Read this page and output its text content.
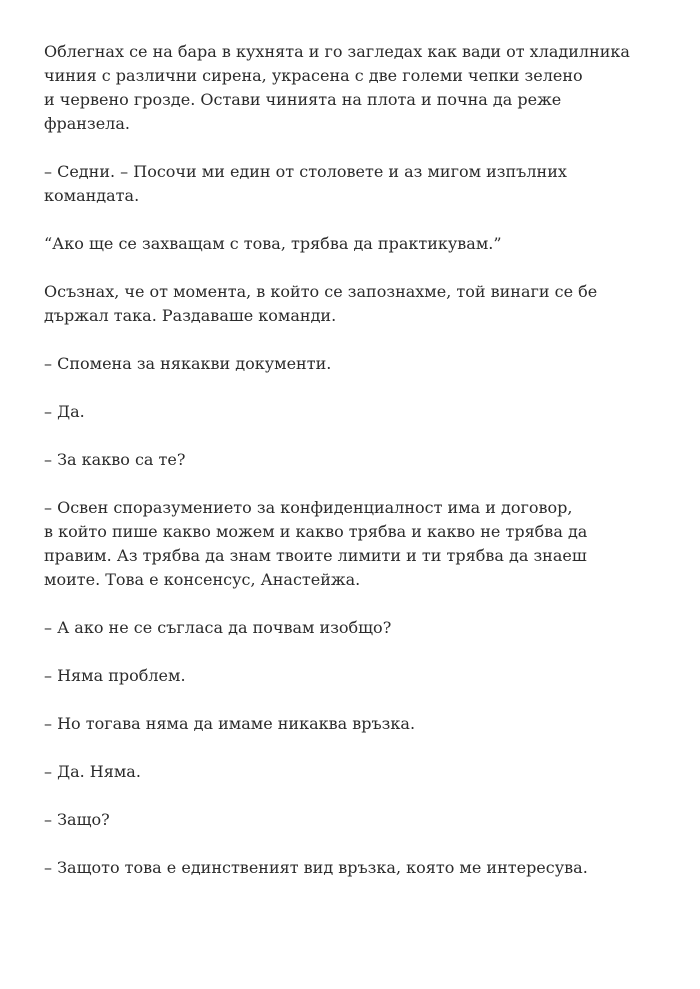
Облегнах се на бара в кухнята и го загледах как вади от хладилника
чиния с различни сирена, украсена с две големи чепки зелено
и червено грозде. Остави чинията на плота и почна да реже
франзела.

– Седни. – Посочи ми един от столовете и аз мигом изпълних
командата.

“Ако ще се захващам с това, трябва да практикувам.”

Осъзнах, че от момента, в който се запознахме, той винаги се бе
държал така. Раздаваше команди.

– Спомена за някакви документи.

– Да.

– За какво са те?

– Освен споразумението за конфиденциалност има и договор,
в който пише какво можем и какво трябва и какво не трябва да
правим. Аз трябва да знам твоите лимити и ти трябва да знаеш
моите. Това е консенсус, Анастейжа.

– А ако не се съгласа да почвам изобщо?

– Няма проблем.

– Но тогава няма да имаме никаква връзка.

– Да. Няма.

– Защо?

– Защото това е единственият вид връзка, която ме интересува.
